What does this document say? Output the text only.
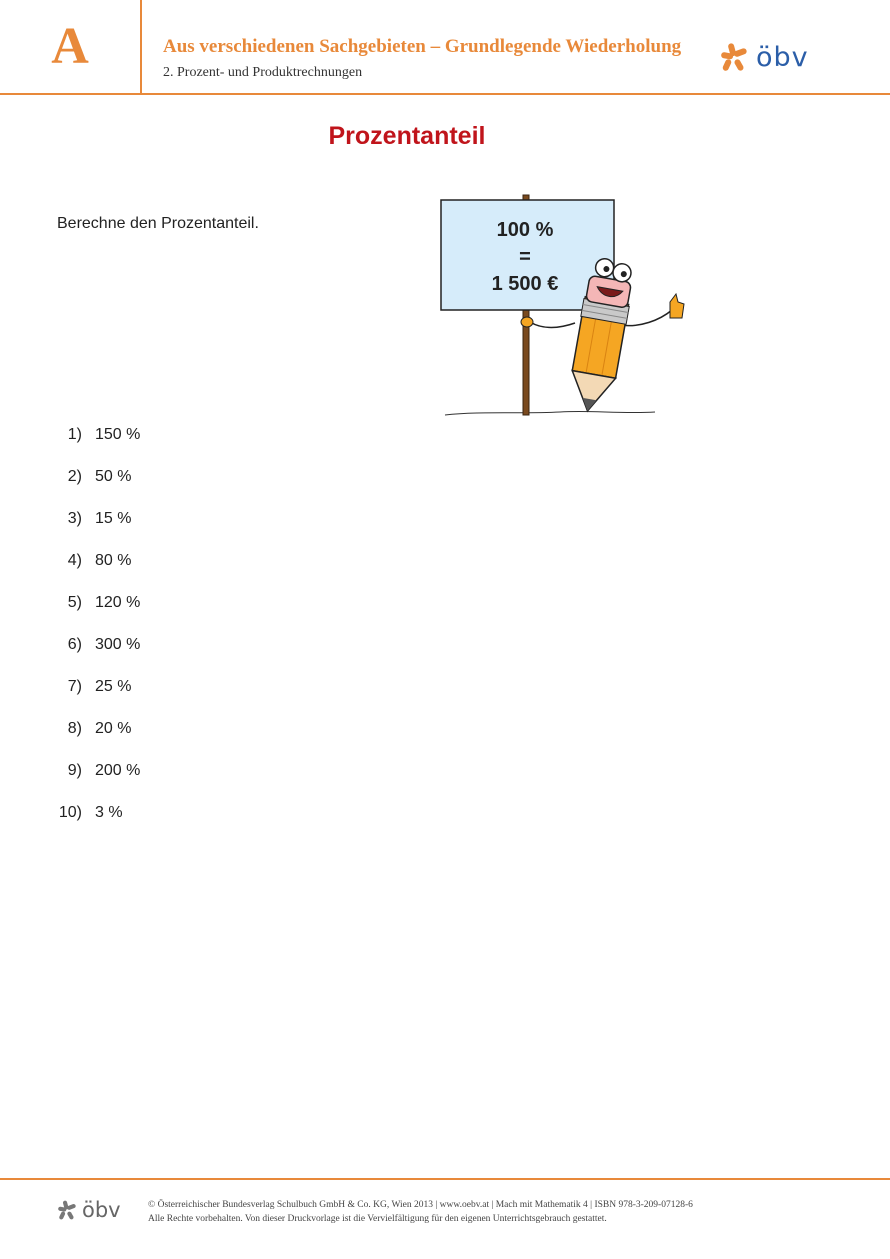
A	Aus verschiedenen Sachgebieten – Grundlegende Wiederholung
2. Prozent- und Produktrechnungen	öbv
Prozentanteil
Berechne den Prozentanteil.	100 %
=
1 500 €
1) 150 %
2) 50 %
3) 15 %
4) 80 %
5) 120 %
6) 300 %
7) 25 %
8) 20 %
9) 200 %
10) 3 %
öbv	© Österreichischer Bundesverlag Schulbuch GmbH & Co. KG, Wien 2013 | www.oebv.at | Mach mit Mathematik 4 | ISBN 978-3-209-07128-6
Alle Rechte vorbehalten. Von dieser Druckvorlage ist die Vervielfältigung für den eigenen Unterrichtsgebrauch gestattet.
